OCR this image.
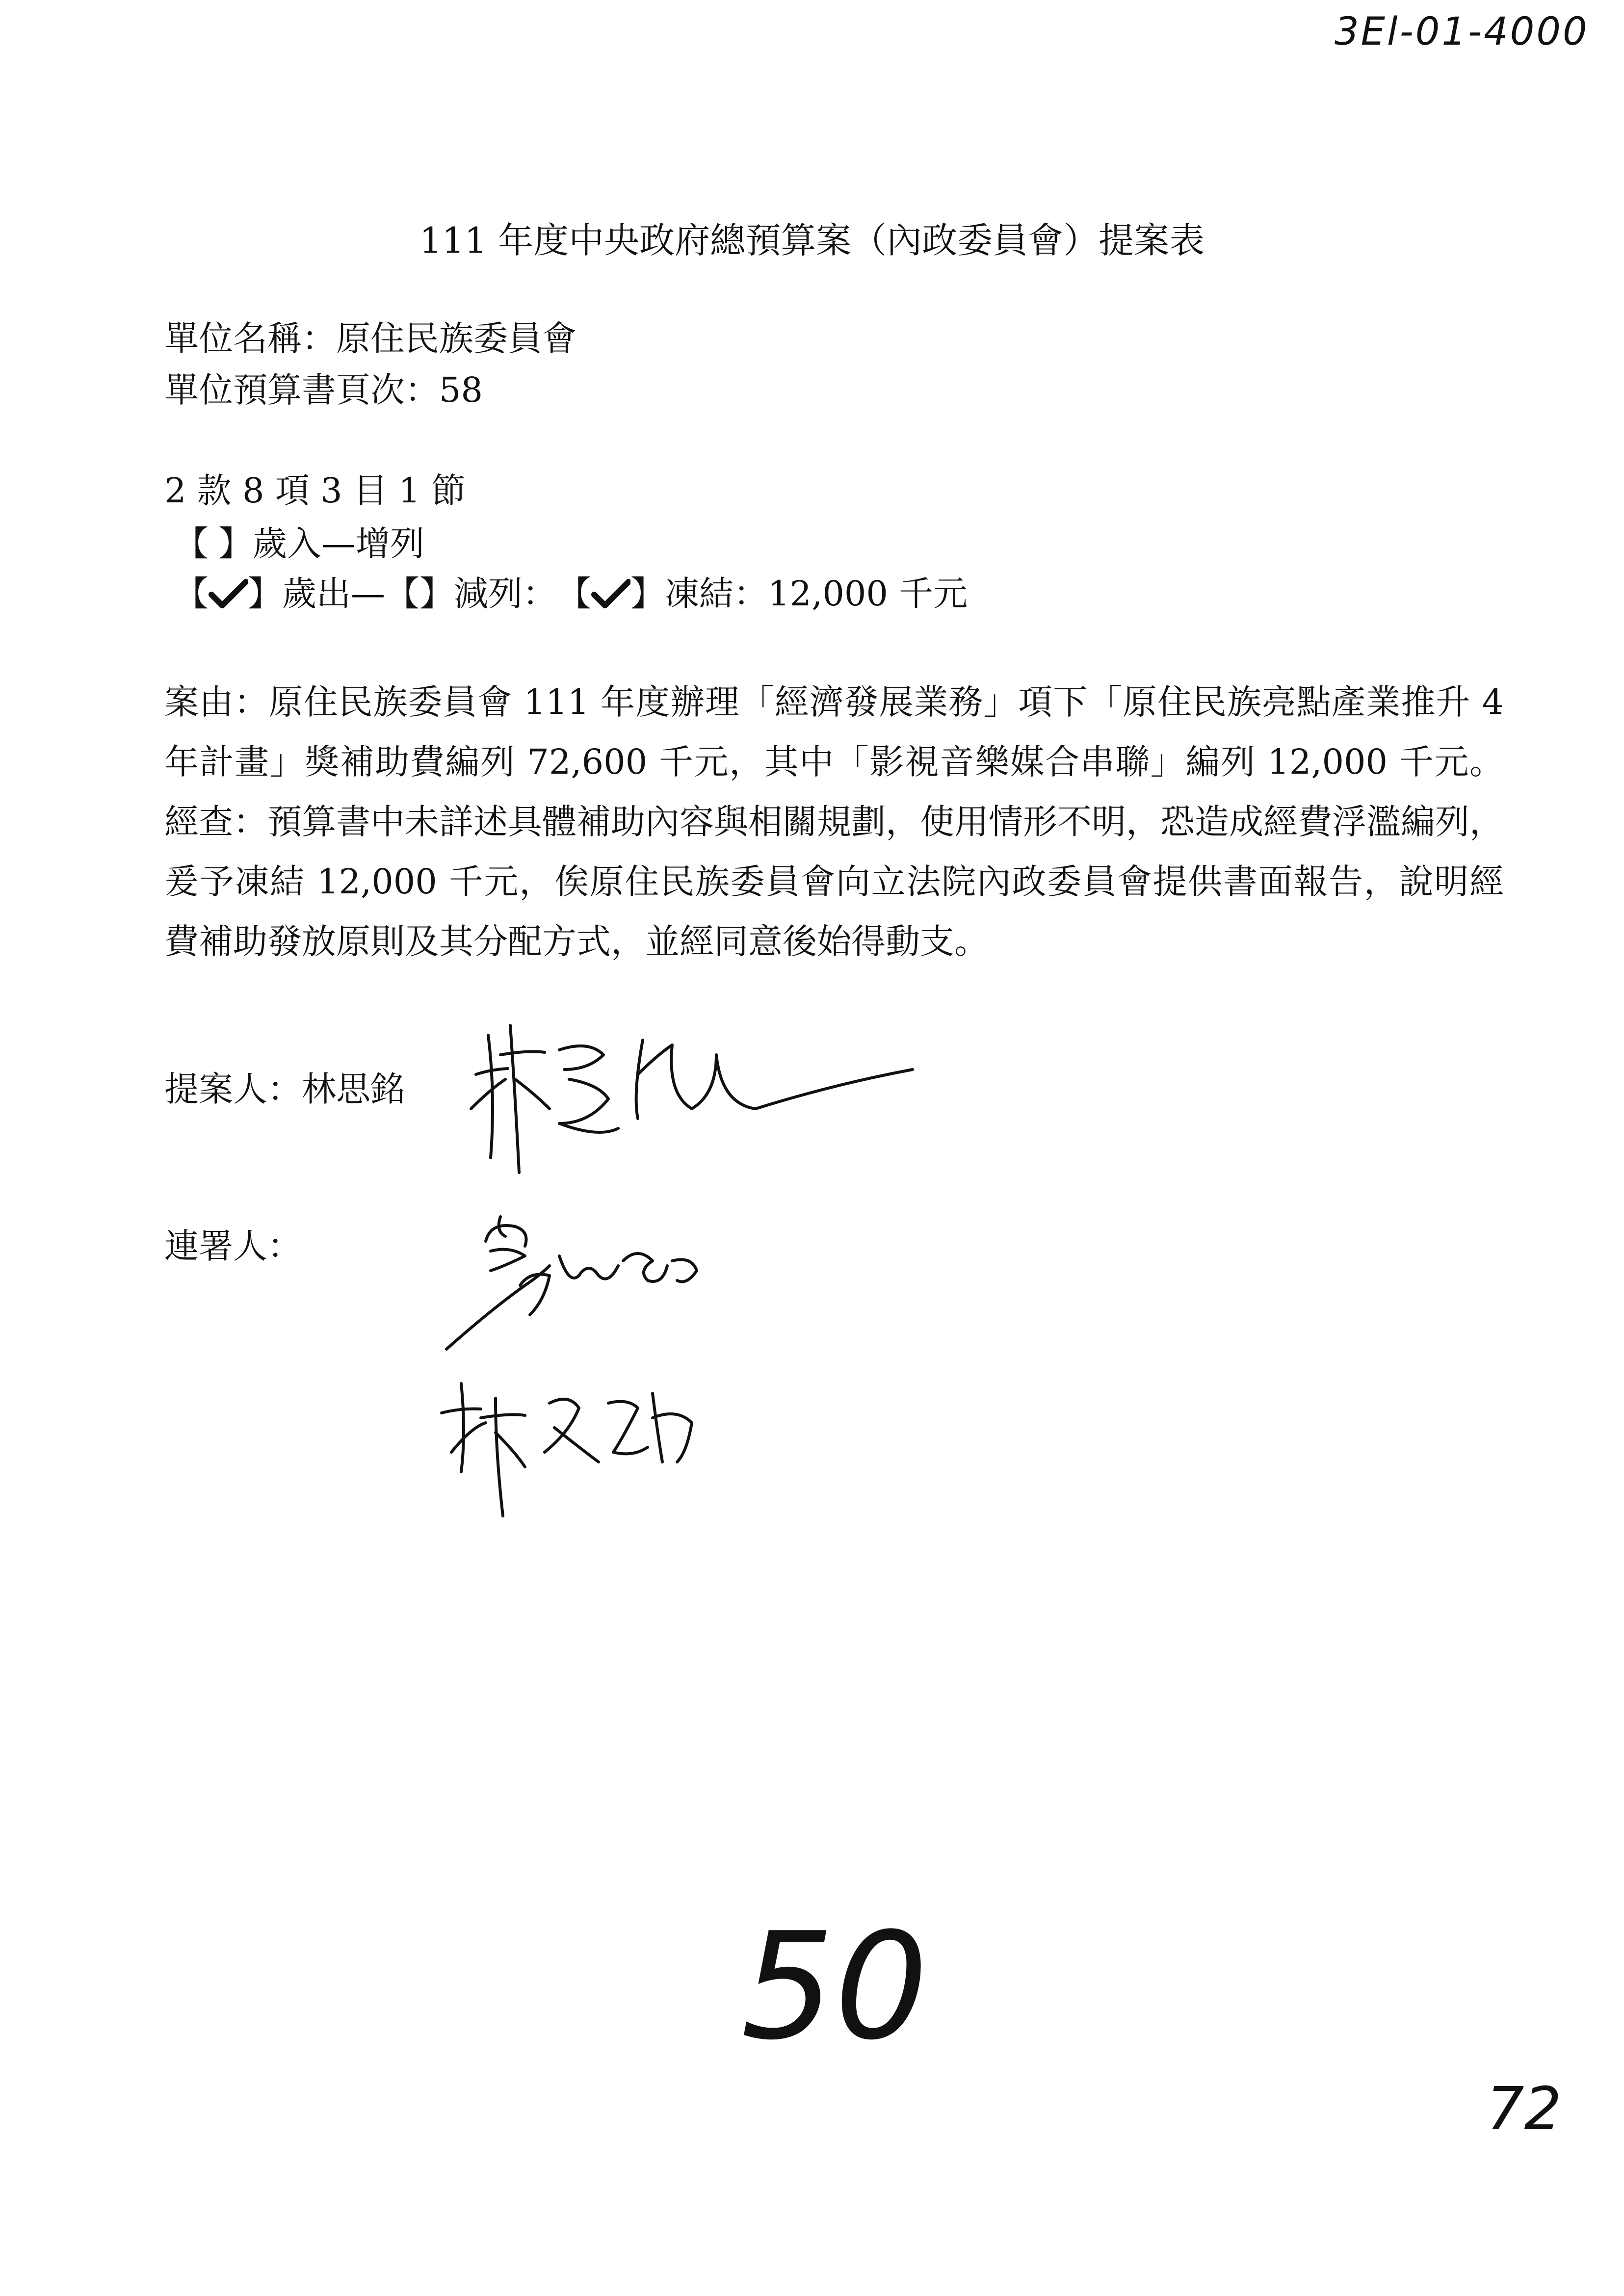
3El-01-4000
111 年度中央政府總預算案（內政委員會）提案表
單位名稱：原住民族委員會
單位預算書頁次：58
2 款 8 項 3 目 1 節
【 】歲入—增列
【 】歲出—【】減列：【 】凍結：12,000 千元
案由：原住民族委員會 111 年度辦理「經濟發展業務」項下「原住民族亮點產業推升 4 年計畫」獎補助費編列 72,600 千元，其中「影視音樂媒合串聯」編列 12,000 千元。經查：預算書中未詳述具體補助內容與相關規劃，使用情形不明，恐造成經費浮濫編列，爰予凍結 12,000 千元，俟原住民族委員會向立法院內政委員會提供書面報告，說明經費補助發放原則及其分配方式，並經同意後始得動支。
提案人：林思銘
連署人：
50
72
